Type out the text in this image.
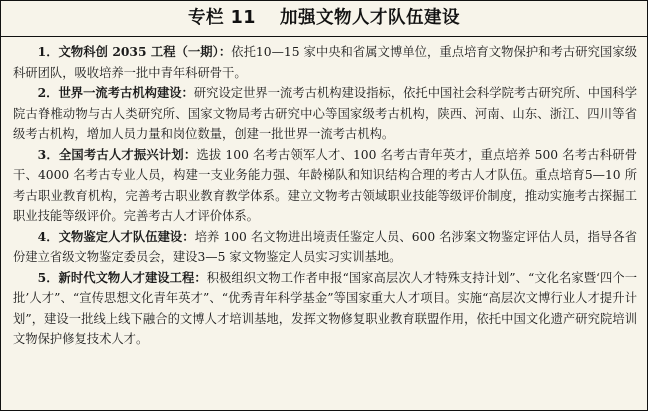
专栏 11 加强文物人才队伍建设

1．文物科创 2035 工程（一期）：依托10—15 家中央和省属文博单位，重点培育文物保护和考古研究国家级科研团队，吸收培养一批中青年科研骨干。

2．世界一流考古机构建设：研究设定世界一流考古机构建设指标，依托中国社会科学院考古研究所、中国科学院古脊椎动物与古人类研究所、国家文物局考古研究中心等国家级考古机构，陕西、河南、山东、浙江、四川等省级考古机构，增加人员力量和岗位数量，创建一批世界一流考古机构。

3．全国考古人才振兴计划：选拔 100 名考古领军人才、100 名考古青年英才，重点培养 500 名考古科研骨干、4000 名考古专业人员，构建一支业务能力强、年龄梯队和知识结构合理的考古人才队伍。重点培育5—10 所考古职业教育机构，完善考古职业教育教学体系。建立文物考古领域职业技能等级评价制度，推动实施考古探掘工职业技能等级评价。完善考古人才评价体系。

4．文物鉴定人才队伍建设：培养 100 名文物进出境责任鉴定人员、600 名涉案文物鉴定评估人员，指导各省份建立省级文物鉴定委员会，建设3—5 家文物鉴定人员实习实训基地。

5．新时代文物人才建设工程：积极组织文物工作者申报“国家高层次人才特殊支持计划”、“文化名家暨‘四个一批’人才”、“宣传思想文化青年英才”、“优秀青年科学基金”等国家重大人才项目。实施“高层次文博行业人才提升计划”，建设一批线上线下融合的文博人才培训基地，发挥文物修复职业教育联盟作用，依托中国文化遗产研究院培训文物保护修复技术人才。
